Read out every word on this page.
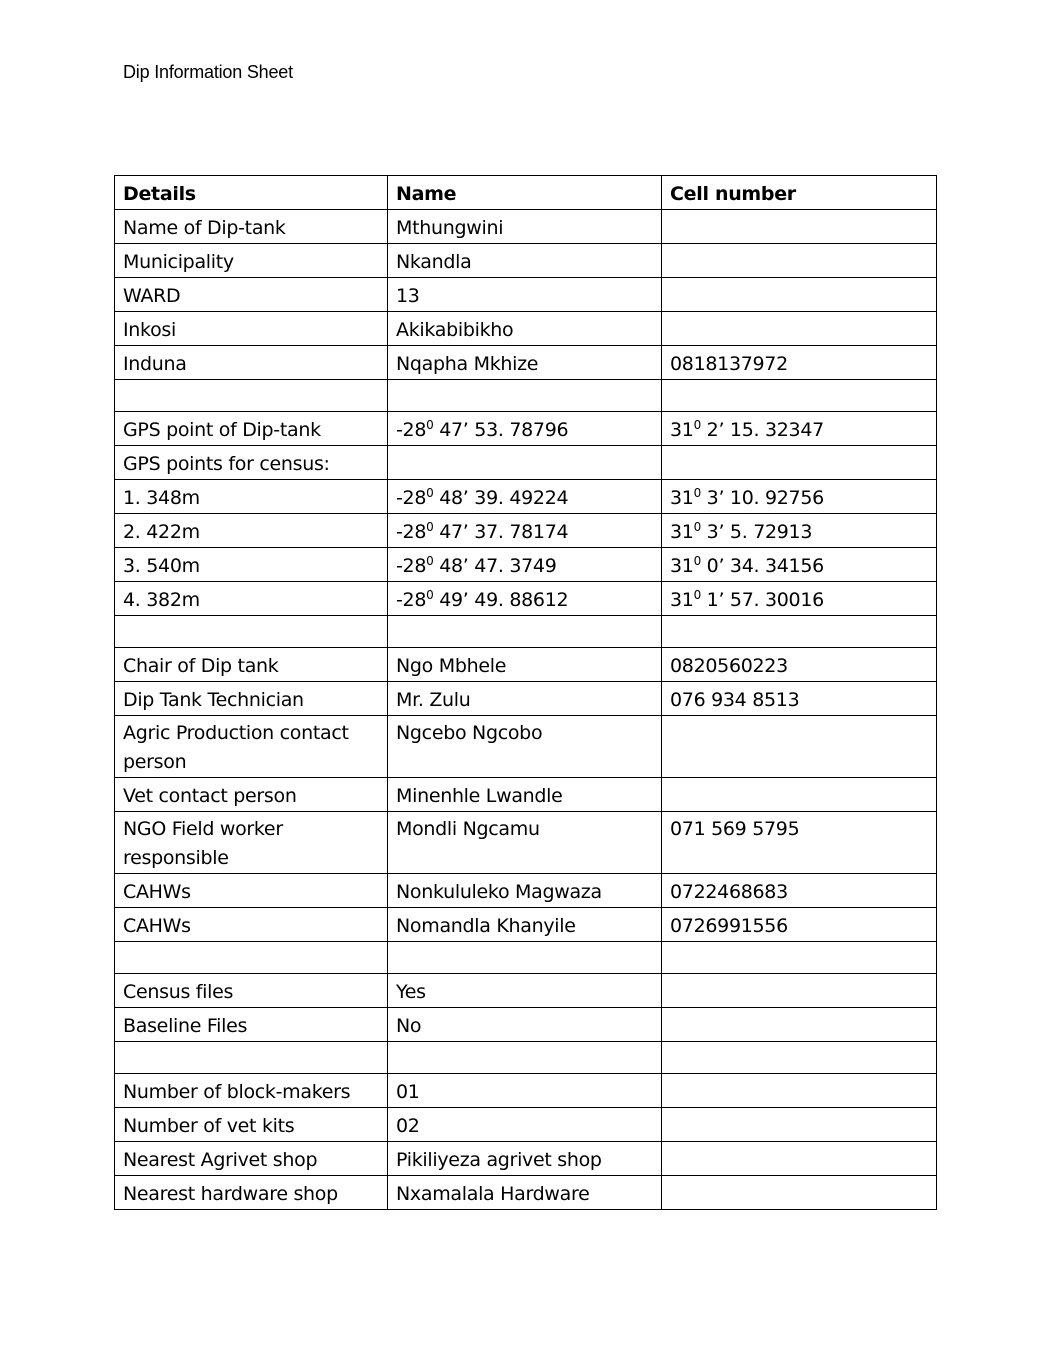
Dip Information Sheet
Details	Name	Cell number
Name of Dip-tank	Mthungwini	
Municipality	Nkandla	
WARD	13	
Inkosi	Akikabibikho	
Induna	Nqapha Mkhize	0818137972

GPS point of Dip-tank	$-28^0$ 47’ 53. 78796	$31^0$ 2’ 15. 32347
GPS points for census:		
1. 348m	$-28^0$ 48’ 39. 49224	$31^0$ 3’ 10. 92756
2. 422m	$-28^0$ 47’ 37. 78174	$31^0$ 3’ 5. 72913
3. 540m	$-28^0$ 48’ 47. 3749	$31^0$ 0’ 34. 34156
4. 382m	$-28^0$ 49’ 49. 88612	$31^0$ 1’ 57. 30016

Chair of Dip tank	Ngo Mbhele	0820560223
Dip Tank Technician	Mr. Zulu	076 934 8513
Agric Production contact person	Ngcebo Ngcobo	
Vet contact person	Minenhle Lwandle	
NGO Field worker responsible	Mondli Ngcamu	071 569 5795
CAHWs	Nonkululeko Magwaza	0722468683
CAHWs	Nomandla Khanyile	0726991556

Census files	Yes	
Baseline Files	No	

Number of block-makers	01	
Number of vet kits	02	
Nearest Agrivet shop	Pikiliyeza agrivet shop	
Nearest hardware shop	Nxamalala Hardware	
